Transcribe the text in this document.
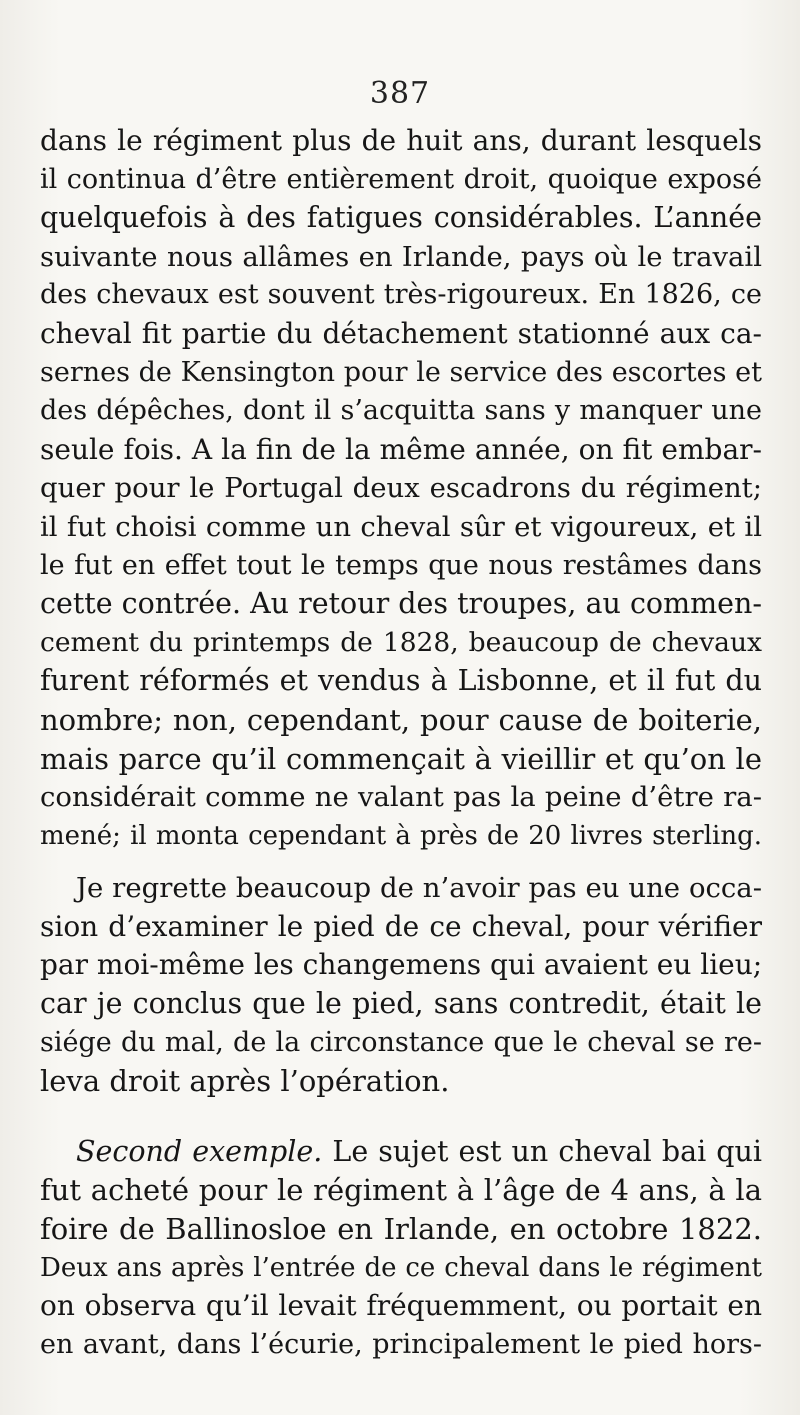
387
dans le régiment plus de huit ans, durant lesquels
il continua d’être entièrement droit, quoique exposé
quelquefois à des fatigues considérables. L’année
suivante nous allâmes en Irlande, pays où le travail
des chevaux est souvent très-rigoureux. En 1826, ce
cheval fit partie du détachement stationné aux ca-
sernes de Kensington pour le service des escortes et
des dépêches, dont il s’acquitta sans y manquer une
seule fois. A la fin de la même année, on fit embar-
quer pour le Portugal deux escadrons du régiment;
il fut choisi comme un cheval sûr et vigoureux, et il
le fut en effet tout le temps que nous restâmes dans
cette contrée. Au retour des troupes, au commen-
cement du printemps de 1828, beaucoup de chevaux
furent réformés et vendus à Lisbonne, et il fut du
nombre; non, cependant, pour cause de boiterie,
mais parce qu’il commençait à vieillir et qu’on le
considérait comme ne valant pas la peine d’être ra-
mené; il monta cependant à près de 20 livres sterling.
Je regrette beaucoup de n’avoir pas eu une occa-
sion d’examiner le pied de ce cheval, pour vérifier
par moi-même les changemens qui avaient eu lieu;
car je conclus que le pied, sans contredit, était le
siége du mal, de la circonstance que le cheval se re-
leva droit après l’opération.
Second exemple. Le sujet est un cheval bai qui
fut acheté pour le régiment à l’âge de 4 ans, à la
foire de Ballinosloe en Irlande, en octobre 1822.
Deux ans après l’entrée de ce cheval dans le régiment
on observa qu’il levait fréquemment, ou portait en
en avant, dans l’écurie, principalement le pied hors-
